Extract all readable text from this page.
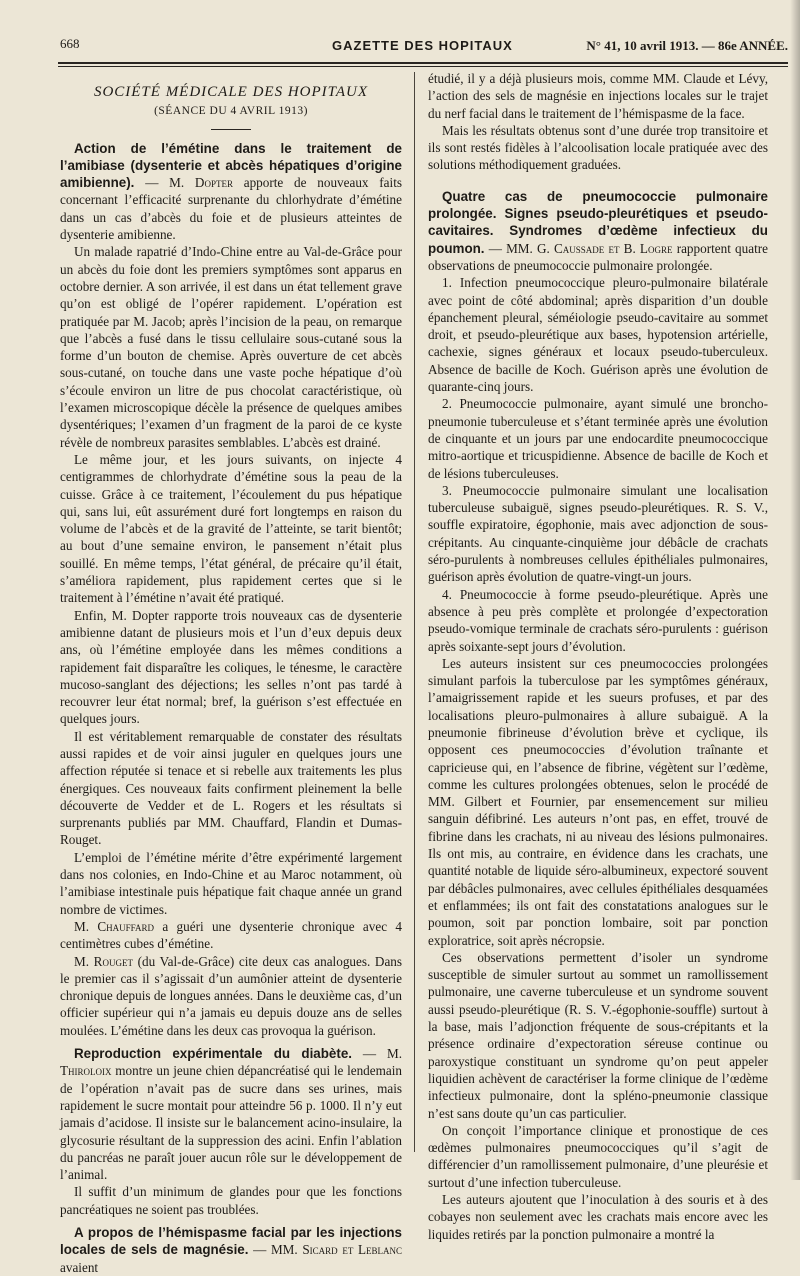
668	GAZETTE DES HOPITAUX	N° 41, 10 avril 1913. — 86e ANNÉE.
SOCIÉTÉ MÉDICALE DES HOPITAUX
(SÉANCE DU 4 AVRIL 1913)

Action de l’émétine dans le traitement de l’amibiase (dysenterie et abcès hépatiques d’origine amibienne). — M. Dopter apporte de nouveaux faits concernant l’efficacité surprenante du chlorhydrate d’émétine dans un cas d’abcès du foie et de plusieurs atteintes de dysenterie amibienne.

Un malade rapatrié d’Indo-Chine entre au Val-de-Grâce pour un abcès du foie dont les premiers symptômes sont apparus en octobre dernier. A son arrivée, il est dans un état tellement grave qu’on est obligé de l’opérer rapidement. L’opération est pratiquée par M. Jacob; après l’incision de la peau, on remarque que l’abcès a fusé dans le tissu cellulaire sous-cutané sous la forme d’un bouton de chemise. Après ouverture de cet abcès sous-cutané, on touche dans une vaste poche hépatique d’où s’écoule environ un litre de pus chocolat caractéristique, où l’examen microscopique décèle la présence de quelques amibes dysentériques; l’examen d’un fragment de la paroi de ce kyste révèle de nombreux parasites semblables. L’abcès est drainé.

Le même jour, et les jours suivants, on injecte 4 centigrammes de chlorhydrate d’émétine sous la peau de la cuisse. Grâce à ce traitement, l’écoulement du pus hépatique qui, sans lui, eût assurément duré fort longtemps en raison du volume de l’abcès et de la gravité de l’atteinte, se tarit bientôt; au bout d’une semaine environ, le pansement n’était plus souillé. En même temps, l’état général, de précaire qu’il était, s’améliora rapidement, plus rapidement certes que si le traitement à l’émétine n’avait été pratiqué.

Enfin, M. Dopter rapporte trois nouveaux cas de dysenterie amibienne datant de plusieurs mois et l’un d’eux depuis deux ans, où l’émétine employée dans les mêmes conditions a rapidement fait disparaître les coliques, le ténesme, le caractère mucoso-sanglant des déjections; les selles n’ont pas tardé à recouvrer leur état normal; bref, la guérison s’est effectuée en quelques jours.

Il est véritablement remarquable de constater des résultats aussi rapides et de voir ainsi juguler en quelques jours une affection réputée si tenace et si rebelle aux traitements les plus énergiques. Ces nouveaux faits confirment pleinement la belle découverte de Vedder et de L. Rogers et les résultats si surprenants publiés par MM. Chauffard, Flandin et Dumas-Rouget.

L’emploi de l’émétine mérite d’être expérimenté largement dans nos colonies, en Indo-Chine et au Maroc notamment, où l’amibiase intestinale puis hépatique fait chaque année un grand nombre de victimes.

M. Chauffard a guéri une dysenterie chronique avec 4 centimètres cubes d’émétine.

M. Rouget (du Val-de-Grâce) cite deux cas analogues. Dans le premier cas il s’agissait d’un aumônier atteint de dysenterie chronique depuis de longues années. Dans le deuxième cas, d’un officier supérieur qui n’a jamais eu depuis douze ans de selles moulées. L’émétine dans les deux cas provoqua la guérison.

Reproduction expérimentale du diabète. — M. Thiroloix montre un jeune chien dépancréatisé qui le lendemain de l’opération n’avait pas de sucre dans ses urines, mais rapidement le sucre montait pour atteindre 56 p. 1000. Il n’y eut jamais d’acidose. Il insiste sur le balancement acino-insulaire, la glycosurie résultant de la suppression des acini. Enfin l’ablation du pancréas ne paraît jouer aucun rôle sur le développement de l’animal.

Il suffit d’un minimum de glandes pour que les fonctions pancréatiques ne soient pas troublées.

A propos de l’hémispasme facial par les injections locales de sels de magnésie. — MM. Sicard et Leblanc avaient

étudié, il y a déjà plusieurs mois, comme MM. Claude et Lévy, l’action des sels de magnésie en injections locales sur le trajet du nerf facial dans le traitement de l’hémispasme de la face.

Mais les résultats obtenus sont d’une durée trop transitoire et ils sont restés fidèles à l’alcoolisation locale pratiquée avec des solutions méthodiquement graduées.

Quatre cas de pneumococcie pulmonaire prolongée. Signes pseudo-pleurétiques et pseudo-cavitaires. Syndromes d’œdème infectieux du poumon. — MM. G. Caussade et B. Logre rapportent quatre observations de pneumococcie pulmonaire prolongée.

1. Infection pneumococcique pleuro-pulmonaire bilatérale avec point de côté abdominal; après disparition d’un double épanchement pleural, séméiologie pseudo-cavitaire au sommet droit, et pseudo-pleurétique aux bases, hypotension artérielle, cachexie, signes généraux et locaux pseudo-tuberculeux. Absence de bacille de Koch. Guérison après une évolution de quarante-cinq jours.

2. Pneumococcie pulmonaire, ayant simulé une broncho-pneumonie tuberculeuse et s’étant terminée après une évolution de cinquante et un jours par une endocardite pneumococcique mitro-aortique et tricuspidienne. Absence de bacille de Koch et de lésions tuberculeuses.

3. Pneumococcie pulmonaire simulant une localisation tuberculeuse subaiguë, signes pseudo-pleurétiques. R. S. V., souffle expiratoire, égophonie, mais avec adjonction de sous-crépitants. Au cinquante-cinquième jour débâcle de crachats séro-purulents à nombreuses cellules épithéliales pulmonaires, guérison après évolution de quatre-vingt-un jours.

4. Pneumococcie à forme pseudo-pleurétique. Après une absence à peu près complète et prolongée d’expectoration pseudo-vomique terminale de crachats séro-purulents : guérison après soixante-sept jours d’évolution.

Les auteurs insistent sur ces pneumococcies prolongées simulant parfois la tuberculose par les symptômes généraux, l’amaigrissement rapide et les sueurs profuses, et par des localisations pleuro-pulmonaires à allure subaiguë. A la pneumonie fibrineuse d’évolution brève et cyclique, ils opposent ces pneumococcies d’évolution traînante et capricieuse qui, en l’absence de fibrine, végètent sur l’œdème, comme les cultures prolongées obtenues, selon le procédé de MM. Gilbert et Fournier, par ensemencement sur milieu sanguin défibriné. Les auteurs n’ont pas, en effet, trouvé de fibrine dans les crachats, ni au niveau des lésions pulmonaires. Ils ont mis, au contraire, en évidence dans les crachats, une quantité notable de liquide séro-albumineux, expectoré souvent par débâcles pulmonaires, avec cellules épithéliales desquamées et enflammées; ils ont fait des constatations analogues sur le poumon, soit par ponction lombaire, soit par ponction exploratrice, soit après nécropsie.

Ces observations permettent d’isoler un syndrome susceptible de simuler surtout au sommet un ramollissement pulmonaire, une caverne tuberculeuse et un syndrome souvent aussi pseudo-pleurétique (R. S. V.-égophonie-souffle) surtout à la base, mais l’adjonction fréquente de sous-crépitants et la présence ordinaire d’expectoration séreuse continue ou paroxystique constituant un syndrome qu’on peut appeler liquidien achèvent de caractériser la forme clinique de l’œdème infectieux pulmonaire, dont la spléno-pneumonie classique n’est sans doute qu’un cas particulier.

On conçoit l’importance clinique et pronostique de ces œdèmes pulmonaires pneumococciques qu’il s’agit de différencier d’un ramollissement pulmonaire, d’une pleurésie et surtout d’une infection tuberculeuse.

Les auteurs ajoutent que l’inoculation à des souris et à des cobayes non seulement avec les crachats mais encore avec les liquides retirés par la ponction pulmonaire a montré la
